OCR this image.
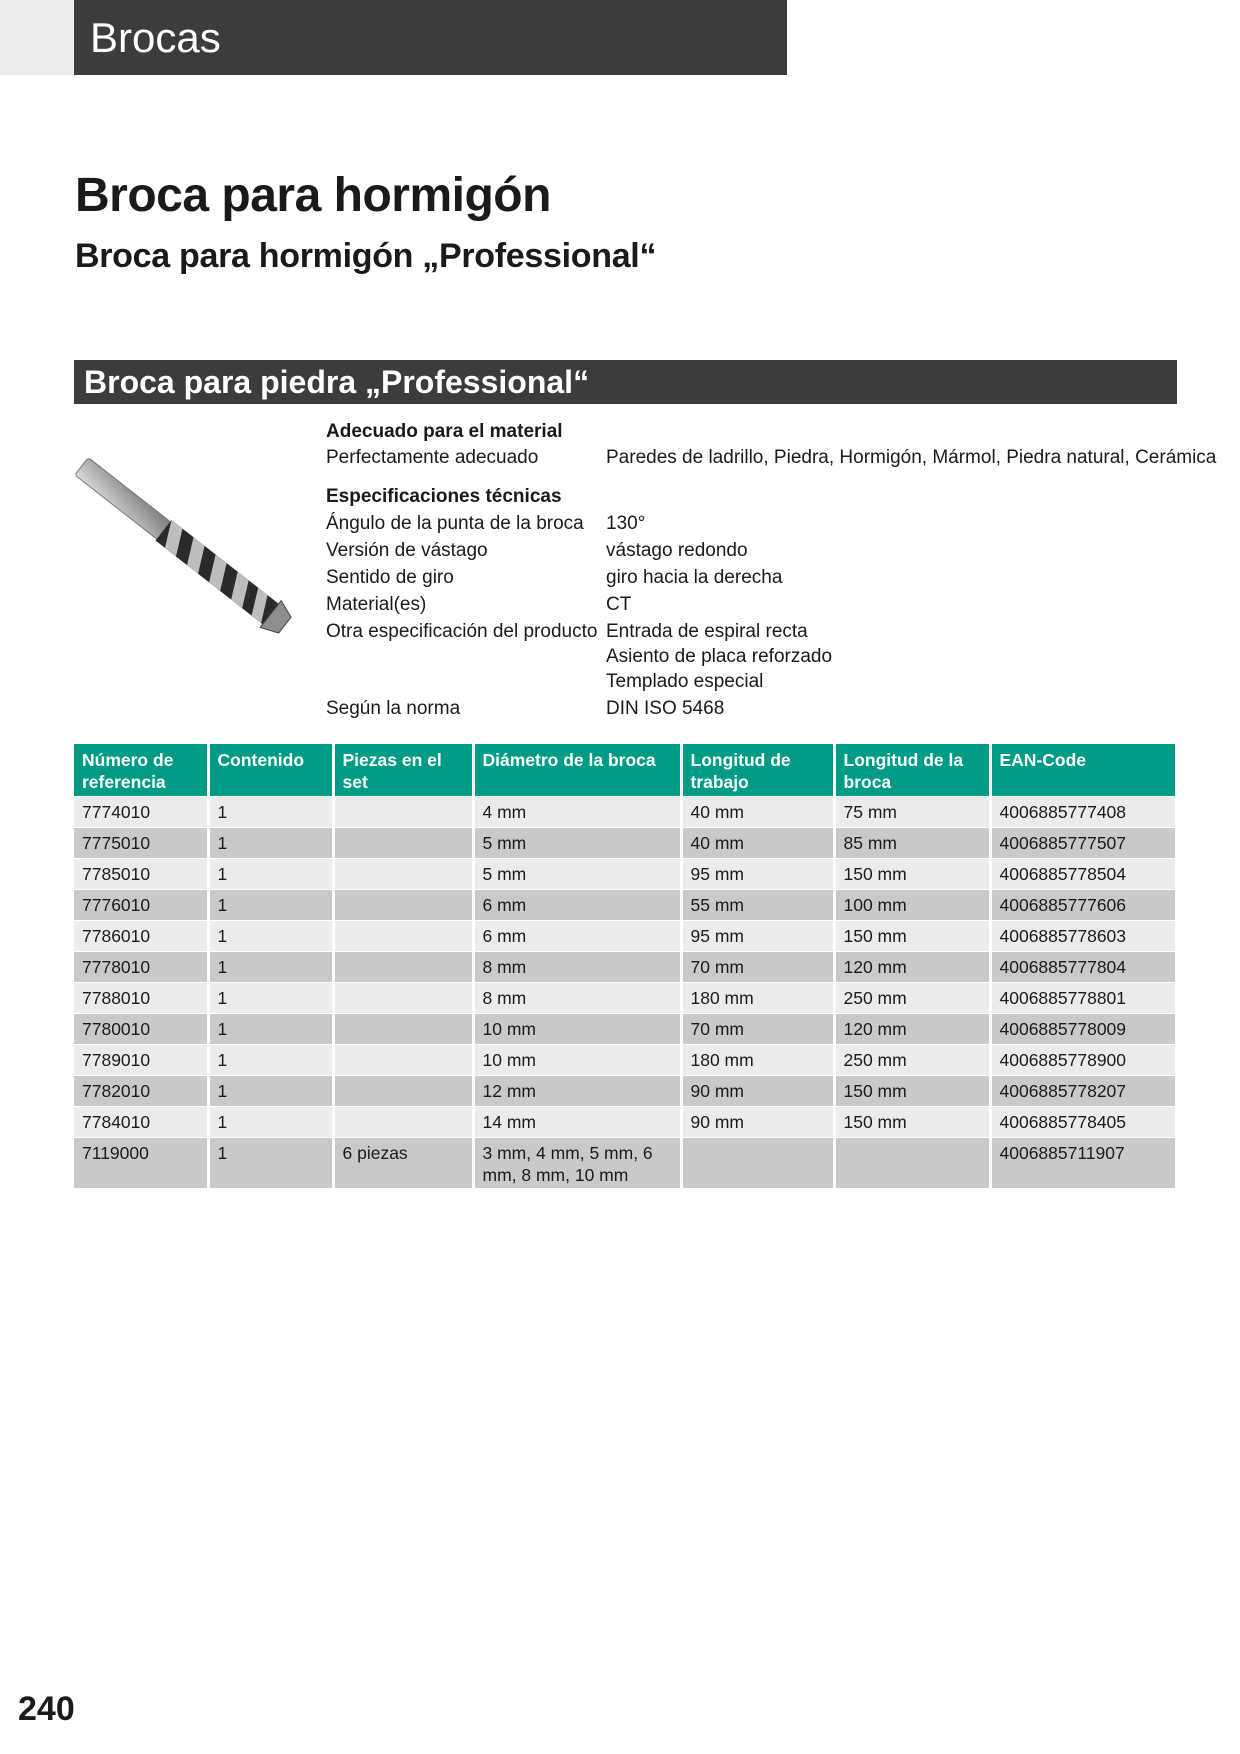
Brocas
Broca para hormigón
Broca para hormigón „Professional“
Broca para piedra „Professional“
Adecuado para el material
Perfectamente adecuado	Paredes de ladrillo, Piedra, Hormigón, Mármol, Piedra natural, Cerámica
Especificaciones técnicas
Ángulo de la punta de la broca 130°
Versión de vástago	vástago redondo
Sentido de giro	giro hacia la derecha
Material(es)	CT
Otra especificación del producto Entrada de espiral recta
Asiento de placa reforzado
Templado especial
Según la norma	DIN ISO 5468
Número de referencia	Contenido	Piezas en el set	Diámetro de la broca	Longitud de trabajo	Longitud de la broca	EAN-Code
7774010	1		4 mm	40 mm	75 mm	4006885777408
7775010	1		5 mm	40 mm	85 mm	4006885777507
7785010	1		5 mm	95 mm	150 mm	4006885778504
7776010	1		6 mm	55 mm	100 mm	4006885777606
7786010	1		6 mm	95 mm	150 mm	4006885778603
7778010	1		8 mm	70 mm	120 mm	4006885777804
7788010	1		8 mm	180 mm	250 mm	4006885778801
7780010	1		10 mm	70 mm	120 mm	4006885778009
7789010	1		10 mm	180 mm	250 mm	4006885778900
7782010	1		12 mm	90 mm	150 mm	4006885778207
7784010	1		14 mm	90 mm	150 mm	4006885778405
7119000	1	6 piezas	3 mm, 4 mm, 5 mm, 6 mm, 8 mm, 10 mm			4006885711907
240
